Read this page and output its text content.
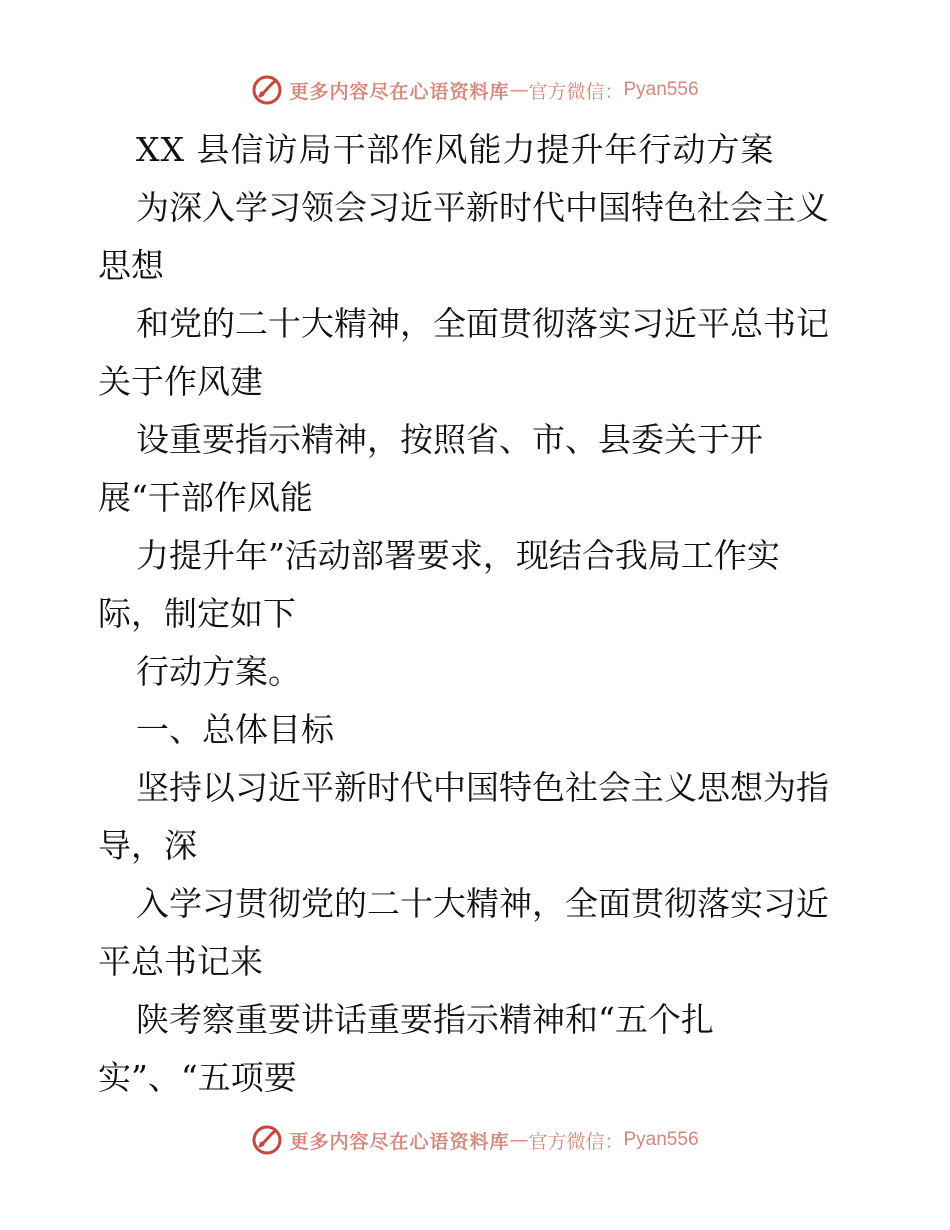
更多内容尽在心语资料库 — 官方微信： Pyan556
XX 县信访局干部作风能力提升年行动方案
为深入学习领会习近平新时代中国特色社会主义
思想
和党的二十大精神，全面贯彻落实习近平总书记
关于作风建
设重要指示精神，按照省、市、县委关于开
展“干部作风能
力提升年”活动部署要求，现结合我局工作实
际，制定如下
行动方案。
一、总体目标
坚持以习近平新时代中国特色社会主义思想为指
导，深
入学习贯彻党的二十大精神，全面贯彻落实习近
平总书记来
陕考察重要讲话重要指示精神和“五个扎
实”、“五项要
更多内容尽在心语资料库 — 官方微信： Pyan556
